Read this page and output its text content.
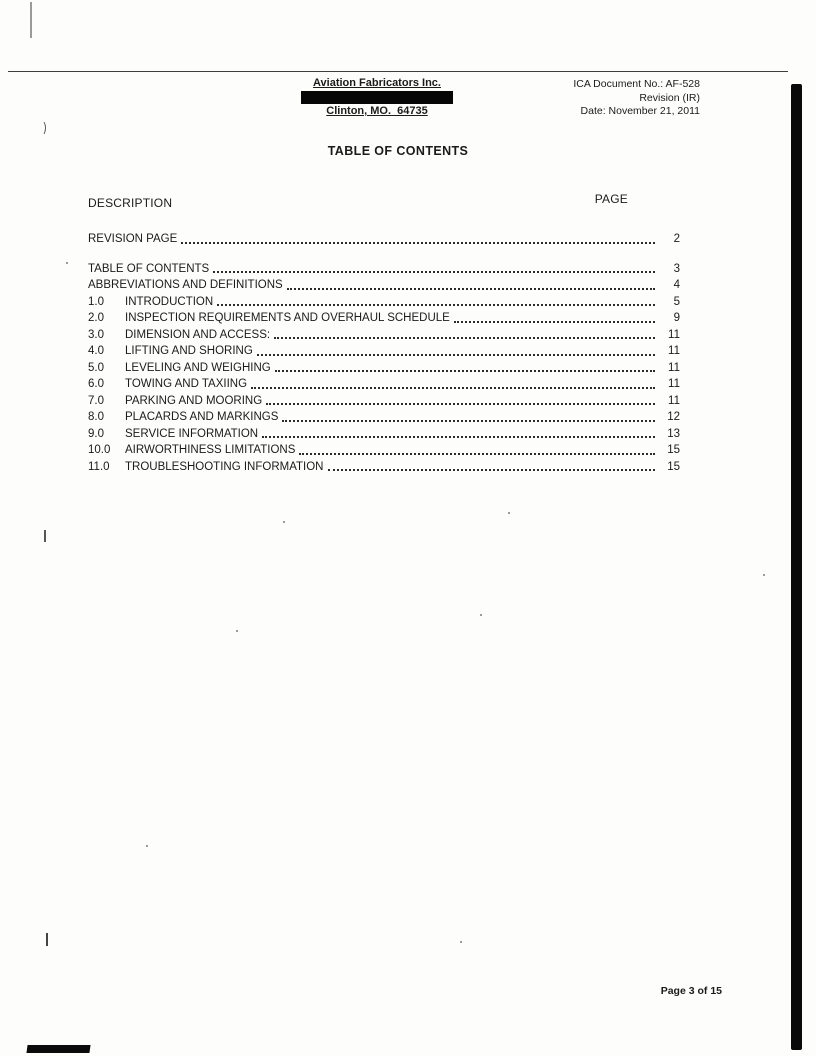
Aviation Fabricators Inc.
Clinton, MO.  64735
ICA Document No.: AF-528
Revision (IR)
Date: November 21, 2011
TABLE OF CONTENTS
DESCRIPTION	PAGE
REVISION PAGE	2
TABLE OF CONTENTS	3
ABBREVIATIONS AND DEFINITIONS	4
1.0	INTRODUCTION	5
2.0	INSPECTION REQUIREMENTS AND OVERHAUL SCHEDULE	9
3.0	DIMENSION AND ACCESS:	11
4.0	LIFTING AND SHORING	11
5.0	LEVELING AND WEIGHING	11
6.0	TOWING AND TAXIING	11
7.0	PARKING AND MOORING	11
8.0	PLACARDS AND MARKINGS	12
9.0	SERVICE INFORMATION	13
10.0	AIRWORTHINESS LIMITATIONS	15
11.0	TROUBLESHOOTING INFORMATION	15
Page 3 of 15
